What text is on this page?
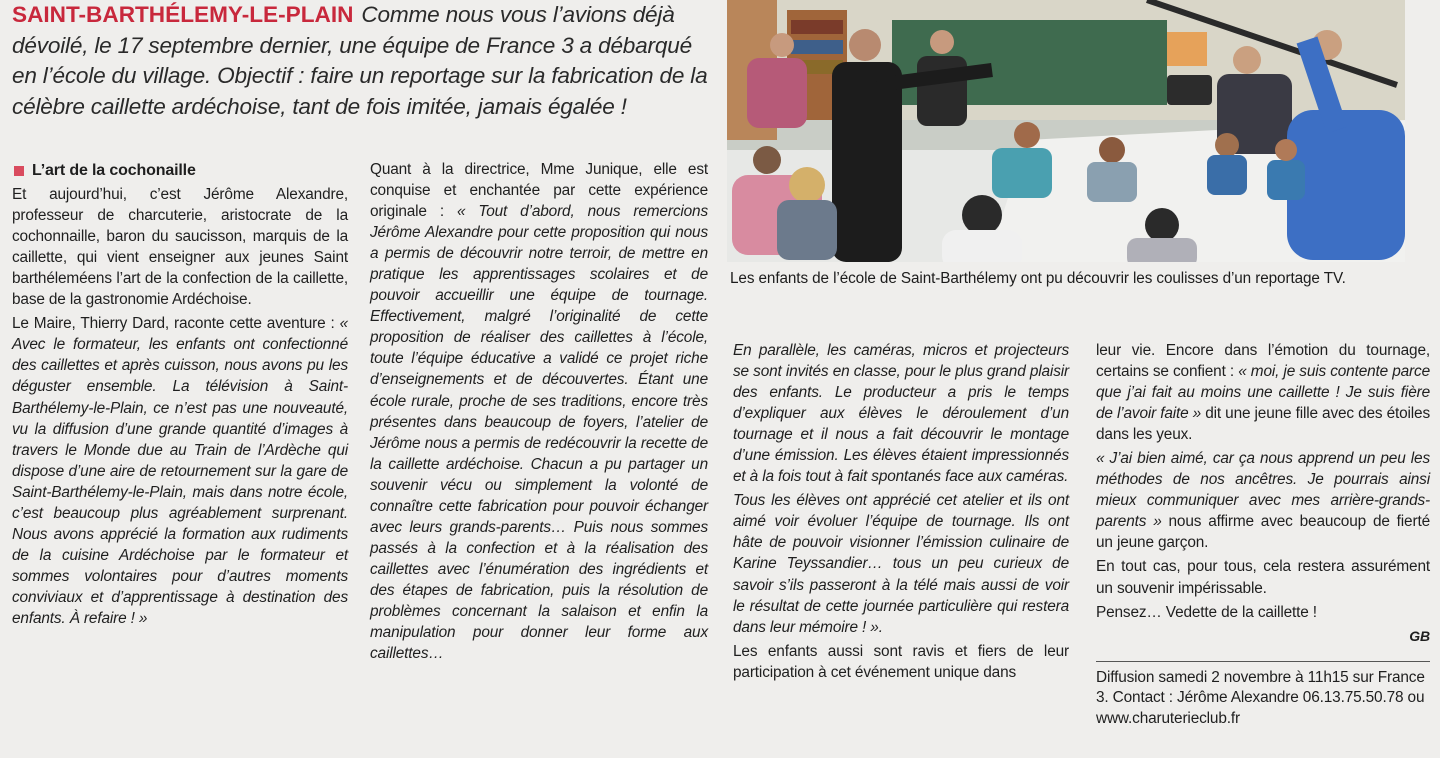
SAINT-BARTHÉLEMY-LE-PLAIN Comme nous vous l’avions déjà dévoilé, le 17 septembre dernier, une équipe de France 3 a débarqué en l’école du village. Objectif : faire un reportage sur la fabrication de la célèbre caillette ardéchoise, tant de fois imitée, jamais égalée !
Les enfants de l’école de Saint-Barthélemy ont pu découvrir les coulisses d’un reportage TV.
L’art de la cochonaille

Et aujourd’hui, c’est Jérôme Alexandre, professeur de charcuterie, aristocrate de la cochonnaille, baron du saucisson, marquis de la caillette, qui vient enseigner aux jeunes Saint barthéleméens l’art de la confection de la caillette, base de la gastronomie Ardéchoise.

Le Maire, Thierry Dard, raconte cette aventure : « Avec le formateur, les enfants ont confectionné des caillettes et après cuisson, nous avons pu les déguster ensemble. La télévision à Saint-Barthélemy-le-Plain, ce n’est pas une nouveauté, vu la diffusion d’une grande quantité d’images à travers le Monde due au Train de l’Ardèche qui dispose d’une aire de retournement sur la gare de Saint-Barthélemy-le-Plain, mais dans notre école, c’est beaucoup plus agréablement surprenant. Nous avons apprécié la formation aux rudiments de la cuisine Ardéchoise par le formateur et sommes volontaires pour d’autres moments conviviaux et d’apprentissage à destination des enfants. À refaire ! »

Quant à la directrice, Mme Junique, elle est conquise et enchantée par cette expérience originale : « Tout d’abord, nous remercions Jérôme Alexandre pour cette proposition qui nous a permis de découvrir notre terroir, de mettre en pratique les apprentissages scolaires et de pouvoir accueillir une équipe de tournage. Effectivement, malgré l’originalité de cette proposition de réaliser des caillettes à l’école, toute l’équipe éducative a validé ce projet riche d’enseignements et de découvertes. Étant une école rurale, proche de ses traditions, encore très présentes dans beaucoup de foyers, l’atelier de Jérôme nous a permis de redécouvrir la recette de la caillette ardéchoise. Chacun a pu partager un souvenir vécu ou simplement la volonté de connaître cette fabrication pour pouvoir échanger avec leurs grands-parents… Puis nous sommes passés à la confection et à la réalisation des caillettes avec l’énumération des ingrédients et des étapes de fabrication, puis la résolution de problèmes concernant la salaison et enfin la manipulation pour donner leur forme aux caillettes…

En parallèle, les caméras, micros et projecteurs se sont invités en classe, pour le plus grand plaisir des enfants. Le producteur a pris le temps d’expliquer aux élèves le déroulement d’un tournage et il nous a fait découvrir le montage d’une émission. Les élèves étaient impressionnés et à la fois tout à fait spontanés face aux caméras.

Tous les élèves ont apprécié cet atelier et ils ont aimé voir évoluer l’équipe de tournage. Ils ont hâte de pouvoir visionner l’émission culinaire de Karine Teyssandier… tous un peu curieux de savoir s’ils passeront à la télé mais aussi de voir le résultat de cette journée particulière qui restera dans leur mémoire ! ».

Les enfants aussi sont ravis et fiers de leur participation à cet événement unique dans

leur vie. Encore dans l’émotion du tournage, certains se confient : « moi, je suis contente parce que j’ai fait au moins une caillette ! Je suis fière de l’avoir faite » dit une jeune fille avec des étoiles dans les yeux.

« J’ai bien aimé, car ça nous apprend un peu les méthodes de nos ancêtres. Je pourrais ainsi mieux communiquer avec mes arrière-grands-parents » nous affirme avec beaucoup de fierté un jeune garçon.

En tout cas, pour tous, cela restera assurément un souvenir impérissable.

Pensez… Vedette de la caillette !

GB
Diffusion samedi 2 novembre à 11h15 sur France 3. Contact : Jérôme Alexandre 06.13.75.50.78 ou www.charuterieclub.fr
